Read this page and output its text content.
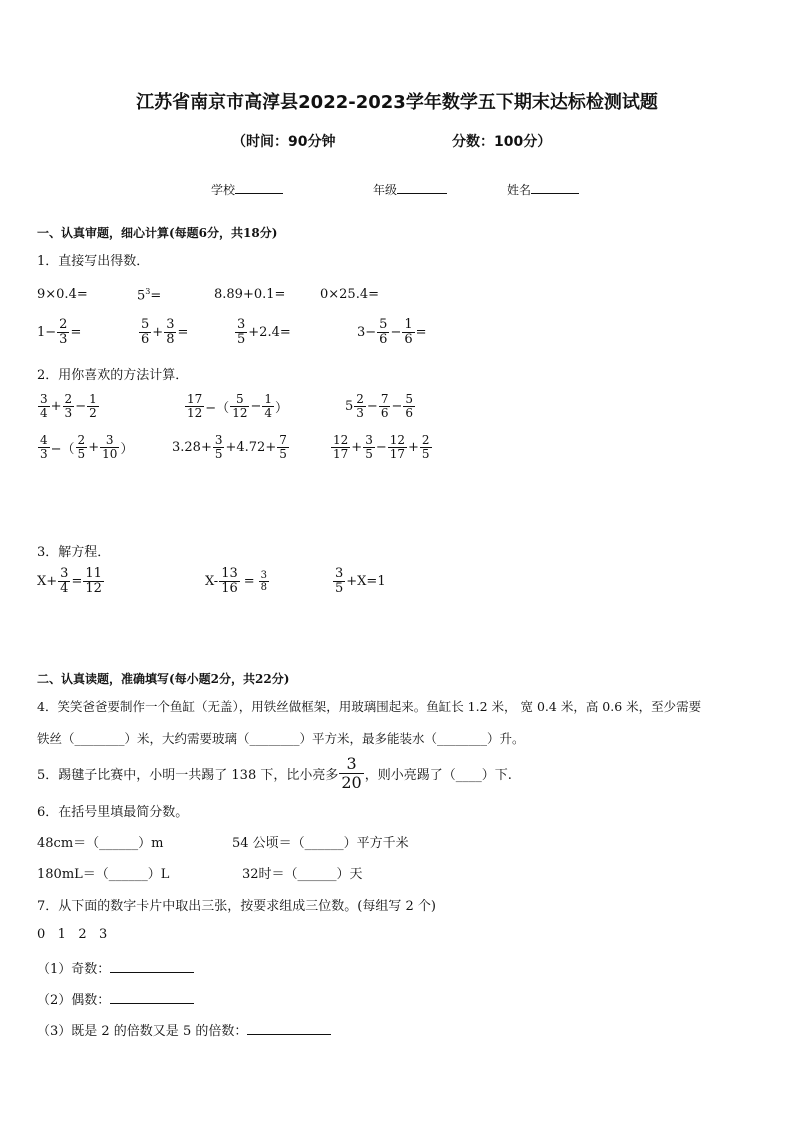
江苏省南京市高淳县2022-2023学年数学五下期末达标检测试题
（时间：90分钟	分数：100分）
学校	年级	姓名
一、认真审题，细心计算(每题6分，共18分)
1．直接写出得数．
9×0.4=	$5^3=$	8.89+0.1=	0×25.4=
$1- \frac{2}{3}$ =	$\frac{5}{6} + \frac{3}{8}$ =	$\frac{3}{5} +2.4=$	$3- \frac{5}{6} - \frac{1}{6}$ =
2．用你喜欢的方法计算．
$\frac{3}{4} + \frac{2}{3} - \frac{1}{2}$	$\frac{17}{12}$ −（ $\frac{5}{12} - \frac{1}{4}$ ）	$5 \frac{2}{3} - \frac{7}{6} - \frac{5}{6}$
$\frac{4}{3}$ −（ $\frac{2}{5} + \frac{3}{10}$ ）	$3.28+ \frac{3}{5} +4.72+ \frac{7}{5}$	$\frac{12}{17} + \frac{3}{5} - \frac{12}{17} + \frac{2}{5}$
3．解方程．
$X+ \frac{3}{4} = \frac{11}{12}$	$X- \frac{13}{16} = \frac{3}{8}$	$\frac{3}{5} +X=1$
二、认真读题，准确填写(每小题2分，共22分)
4．笑笑爸爸要制作一个鱼缸（无盖），用铁丝做框架，用玻璃围起来。鱼缸长 1.2 米， 宽 0.4 米，高 0.6 米，至少需要
铁丝（________）米，大约需要玻璃（________）平方米，最多能装水（________）升。
5．踢毽子比赛中，小明一共踢了 138 下，比小亮多 $\frac{3}{20}$ ，则小亮踢了（____）下.
6．在括号里填最简分数。
48cm＝（______）m	54 公顷＝（______）平方千米
180mL＝（______）L	32时＝（______）天
7．从下面的数字卡片中取出三张，按要求组成三位数。(每组写 2 个)
0   1   2   3
（1）奇数：
（2）偶数：
（3）既是 2 的倍数又是 5 的倍数：
